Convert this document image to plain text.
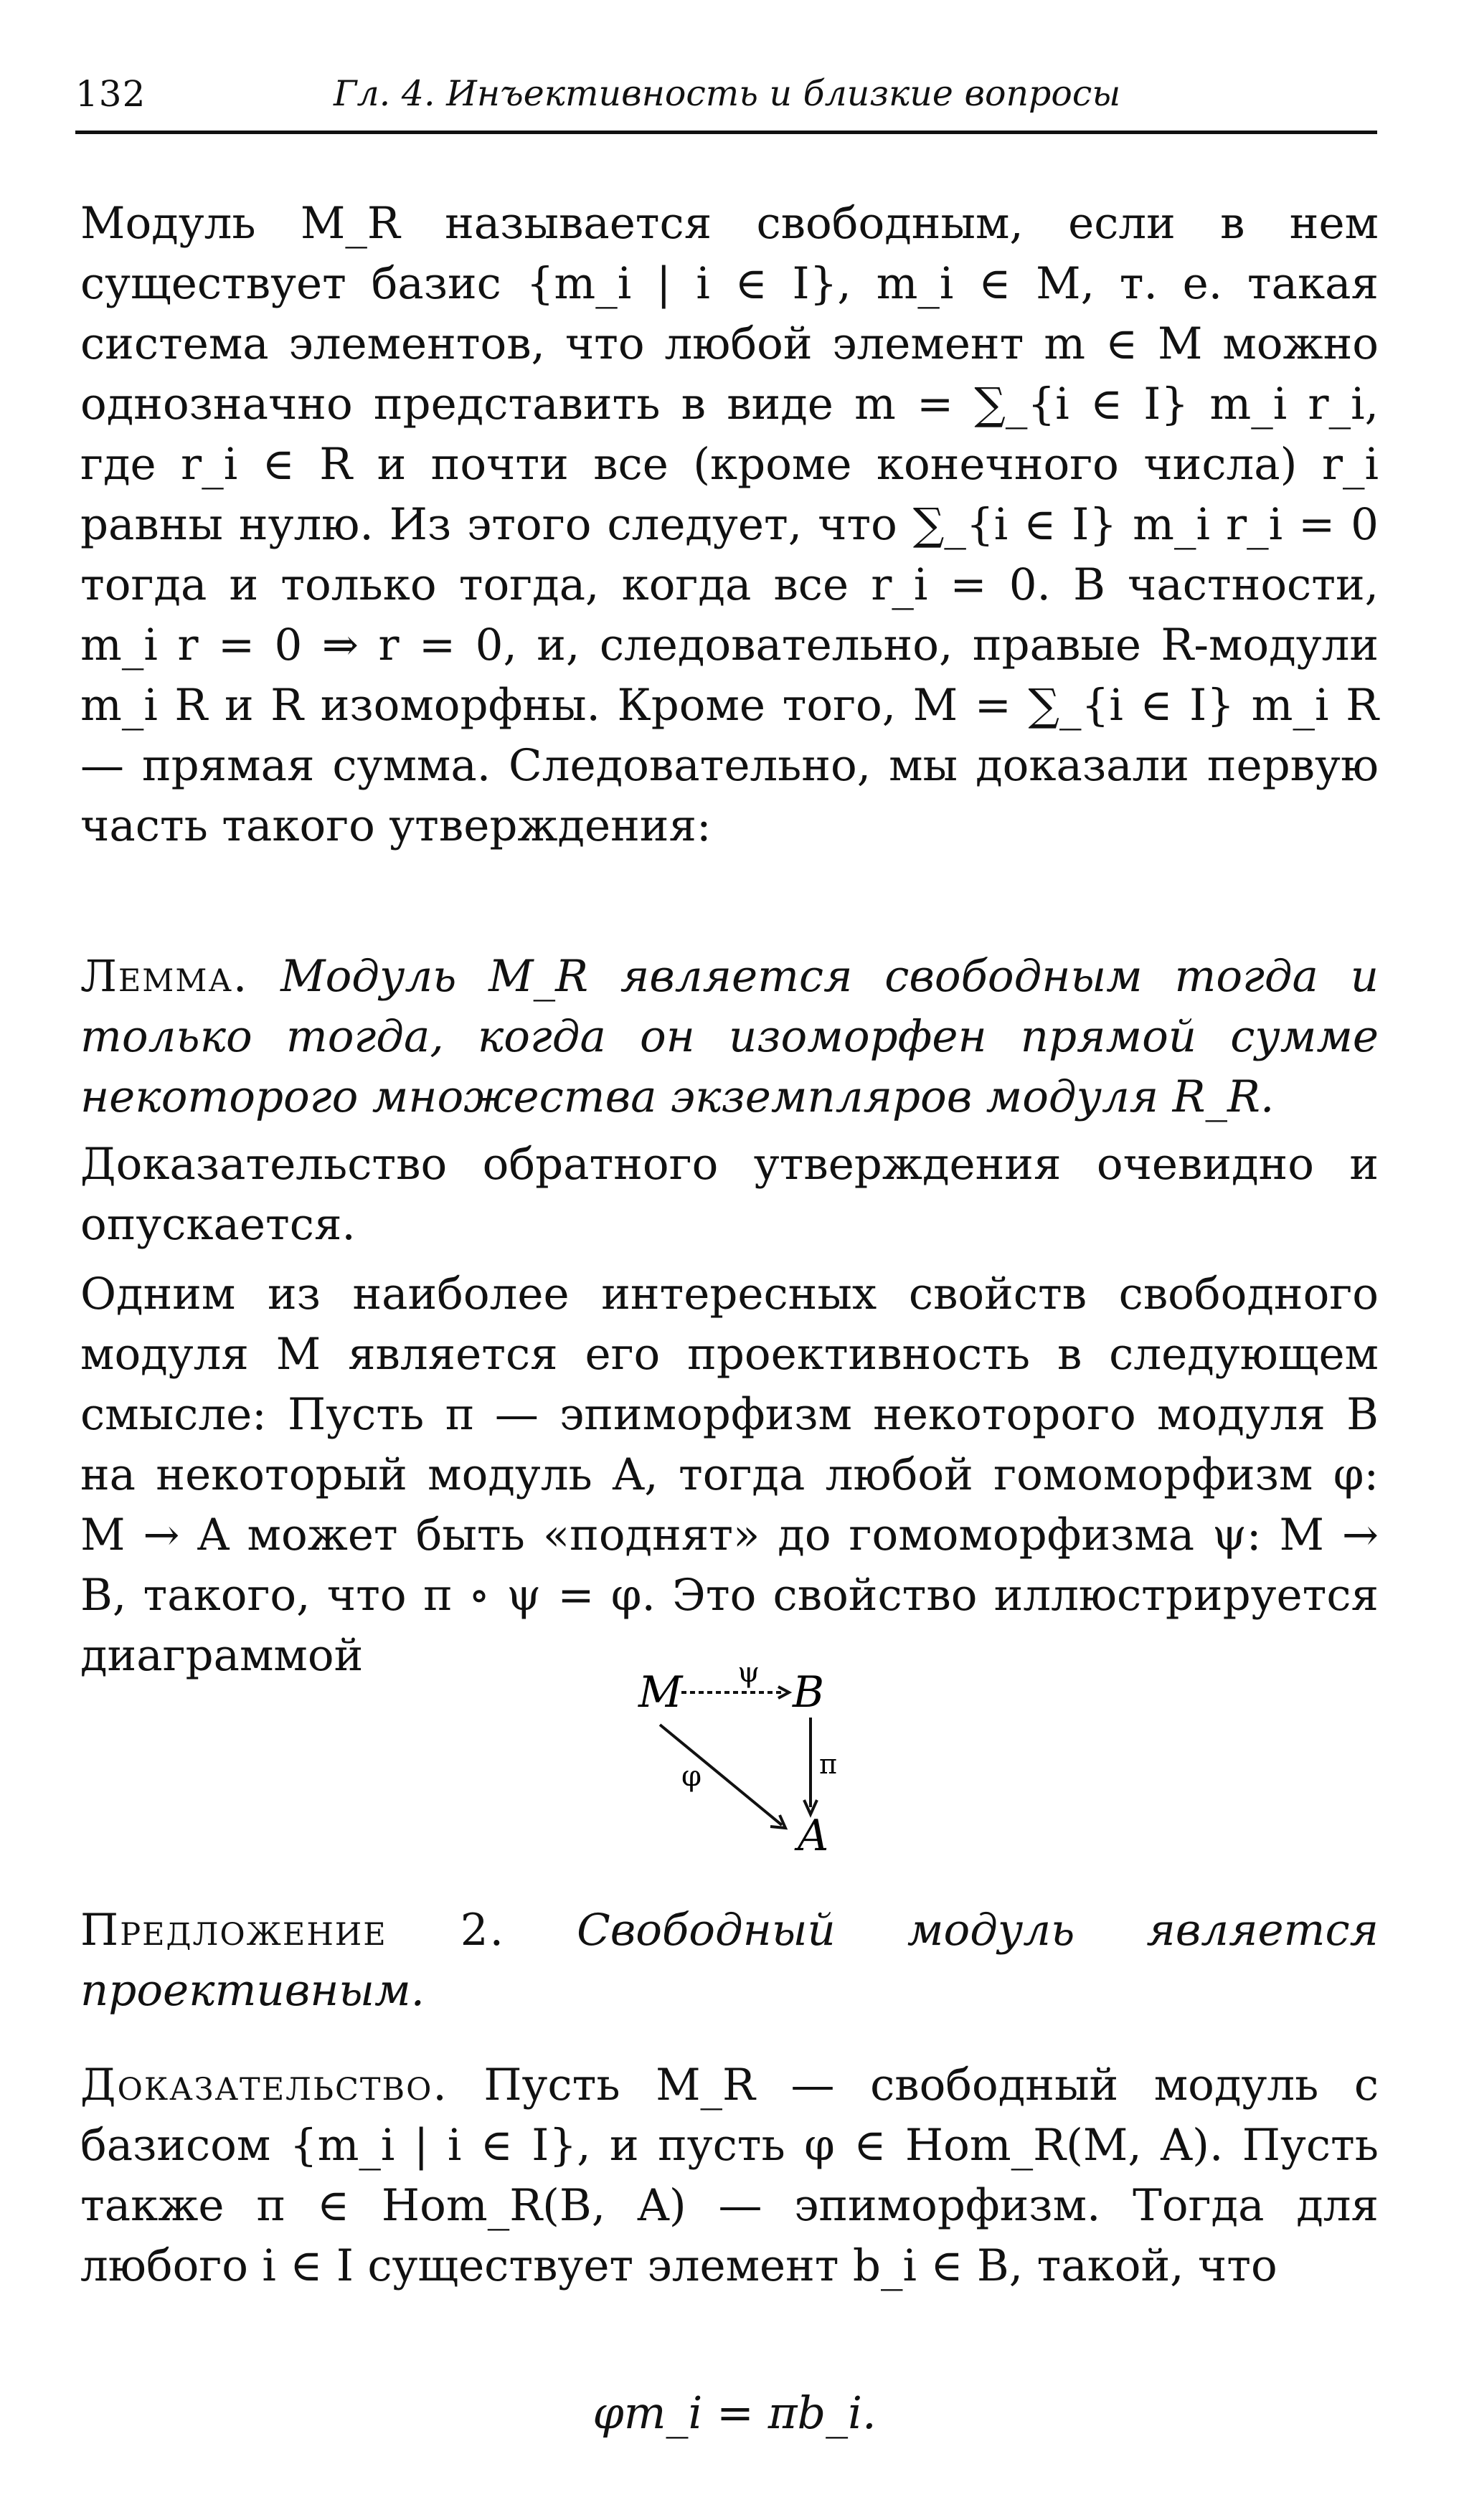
132	Гл. 4. Инъективность и близкие вопросы
Модуль M_R называется свободным, если в нем существует базис {m_i | i ∈ I}, m_i ∈ M, т. е. такая система элементов, что любой элемент m ∈ M можно однозначно представить в виде m = ∑_{i ∈ I} m_i r_i, где r_i ∈ R и почти все (кроме конечного числа) r_i равны нулю. Из этого следует, что ∑_{i ∈ I} m_i r_i = 0 тогда и только тогда, когда все r_i = 0. В частности, m_i r = 0 ⇒ r = 0, и, следовательно, правые R-модули m_i R и R изоморфны. Кроме того, M = ∑_{i ∈ I} m_i R — прямая сумма. Следовательно, мы доказали первую часть такого утверждения:
Лемма. Модуль M_R является свободным тогда и только тогда, когда он изоморфен прямой сумме некоторого множества экземпляров модуля R_R.
Доказательство обратного утверждения очевидно и опускается.
Одним из наиболее интересных свойств свободного модуля M является его проективность в следующем смысле: Пусть π — эпиморфизм некоторого модуля B на некоторый модуль A, тогда любой гомоморфизм φ: M → A может быть «поднят» до гомоморфизма ψ: M → B, такого, что π ∘ ψ = φ. Это свойство иллюстрируется диаграммой
M	B
A
ψ
φ	π
Предложение 2. Свободный модуль является проективным.
Доказательство. Пусть M_R — свободный модуль с базисом {m_i | i ∈ I}, и пусть φ ∈ Hom_R(M, A). Пусть также π ∈ Hom_R(B, A) — эпиморфизм. Тогда для любого i ∈ I существует элемент b_i ∈ B, такой, что
φm_i = πb_i.
